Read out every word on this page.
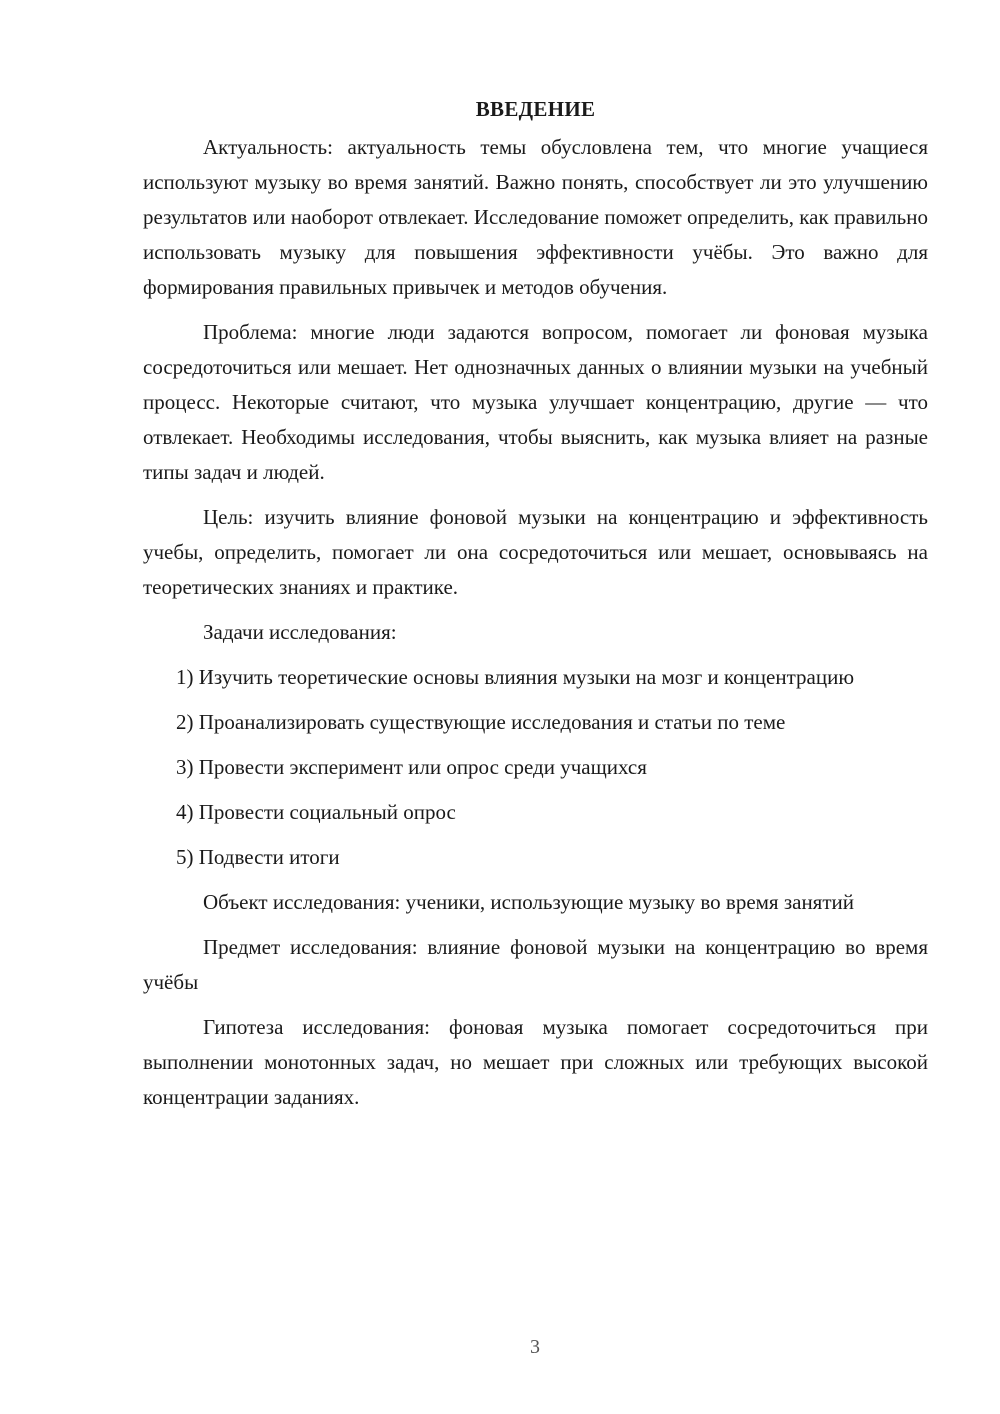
ВВЕДЕНИЕ

Актуальность: актуальность темы обусловлена тем, что многие учащиеся используют музыку во время занятий. Важно понять, способствует ли это улучшению результатов или наоборот отвлекает. Исследование поможет определить, как правильно использовать музыку для повышения эффективности учёбы. Это важно для формирования правильных привычек и методов обучения.

Проблема: многие люди задаются вопросом, помогает ли фоновая музыка сосредоточиться или мешает. Нет однозначных данных о влиянии музыки на учебный процесс. Некоторые считают, что музыка улучшает концентрацию, другие — что отвлекает. Необходимы исследования, чтобы выяснить, как музыка влияет на разные типы задач и людей.

Цель: изучить влияние фоновой музыки на концентрацию и эффективность учебы, определить, помогает ли она сосредоточиться или мешает, основываясь на теоретических знаниях и практике.

Задачи исследования:

1) Изучить теоретические основы влияния музыки на мозг и концентрацию

2) Проанализировать существующие исследования и статьи по теме

3) Провести эксперимент или опрос среди учащихся

4) Провести социальный опрос

5) Подвести итоги

Объект исследования: ученики, использующие музыку во время занятий

Предмет исследования: влияние фоновой музыки на концентрацию во время учёбы

Гипотеза исследования: фоновая музыка помогает сосредоточиться при выполнении монотонных задач, но мешает при сложных или требующих высокой концентрации заданиях.

3
